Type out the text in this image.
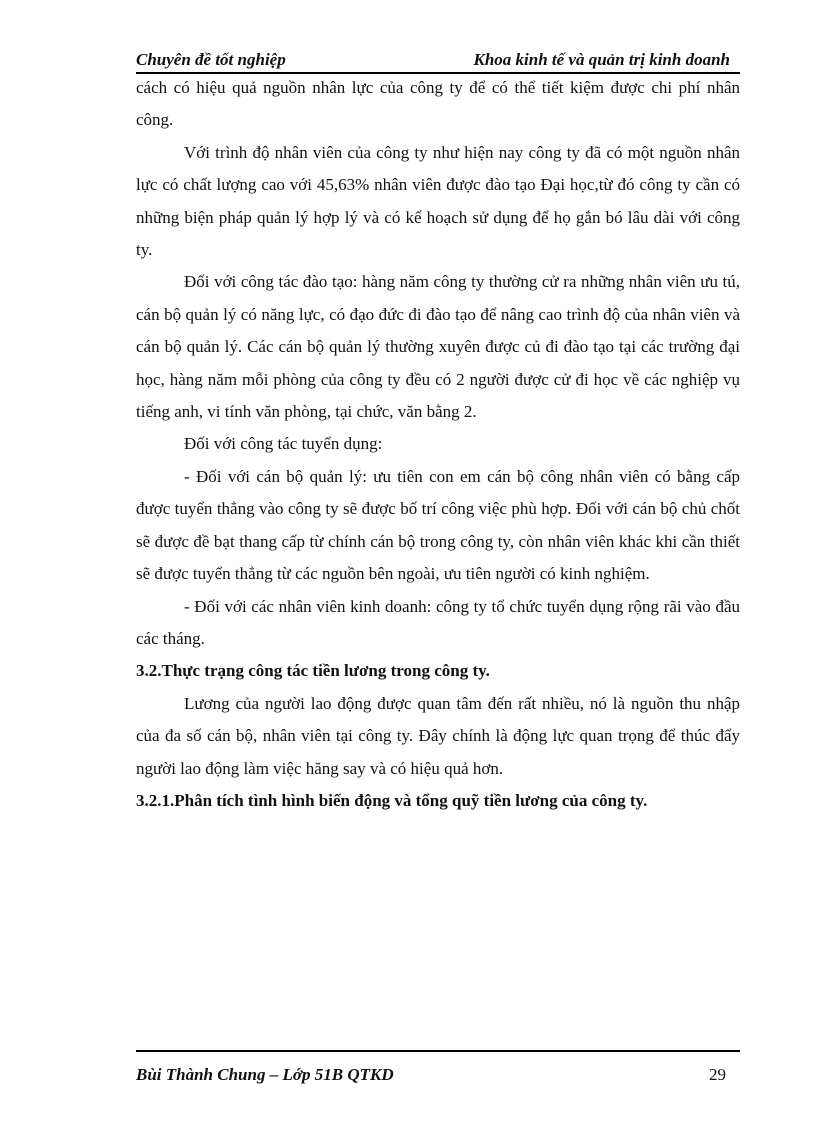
Chuyên đề tốt nghiệp	Khoa kinh tế và quản trị kinh doanh

cách có hiệu quả nguồn nhân lực của công ty để có thể tiết kiệm được chi phí nhân công.

Với trình độ nhân viên của công ty như hiện nay công ty đã có một nguồn nhân lực có chất lượng cao với 45,63% nhân viên được đào tạo Đại học,từ đó công ty cần có những biện pháp quản lý hợp lý và có kế hoạch sử dụng để họ gắn bó lâu dài với công ty.

Đối với công tác đào tạo: hàng năm công ty thường cử ra những nhân viên ưu tú, cán bộ quản lý có năng lực, có đạo đức đi đào tạo để nâng cao trình độ của nhân viên và cán bộ quản lý. Các cán bộ quản lý thường xuyên được củ đi đào tạo tại các trường đại học, hàng năm mỗi phòng của công ty đều có 2 người được cử đi học về các nghiệp vụ tiếng anh, vi tính văn phòng, tại chức, văn bằng 2.

Đối với công tác tuyển dụng:

- Đối với cán bộ quản lý: ưu tiên con em cán bộ công nhân viên có bằng cấp được tuyển thẳng vào công ty sẽ được bố trí công việc phù hợp. Đối với cán bộ chủ chốt sẽ được đề bạt thang cấp từ chính cán bộ trong công ty, còn nhân viên khác khi cần thiết sẽ được tuyển thẳng từ các nguồn bên ngoài, ưu tiên người có kinh nghiệm.

- Đối với các nhân viên kinh doanh: công ty tổ chức tuyển dụng rộng rãi vào đầu các tháng.

3.2.Thực trạng công tác tiền lương trong công ty.

Lương của người lao động được quan tâm đến rất nhiều, nó là nguồn thu nhập của đa số cán bộ, nhân viên tại công ty. Đây chính là động lực quan trọng để thúc đẩy người lao động làm việc hăng say và có hiệu quả hơn.

3.2.1.Phân tích tình hình biến động và tổng quỹ tiền lương của công ty.

Bùi Thành Chung – Lớp 51B QTKD	29
